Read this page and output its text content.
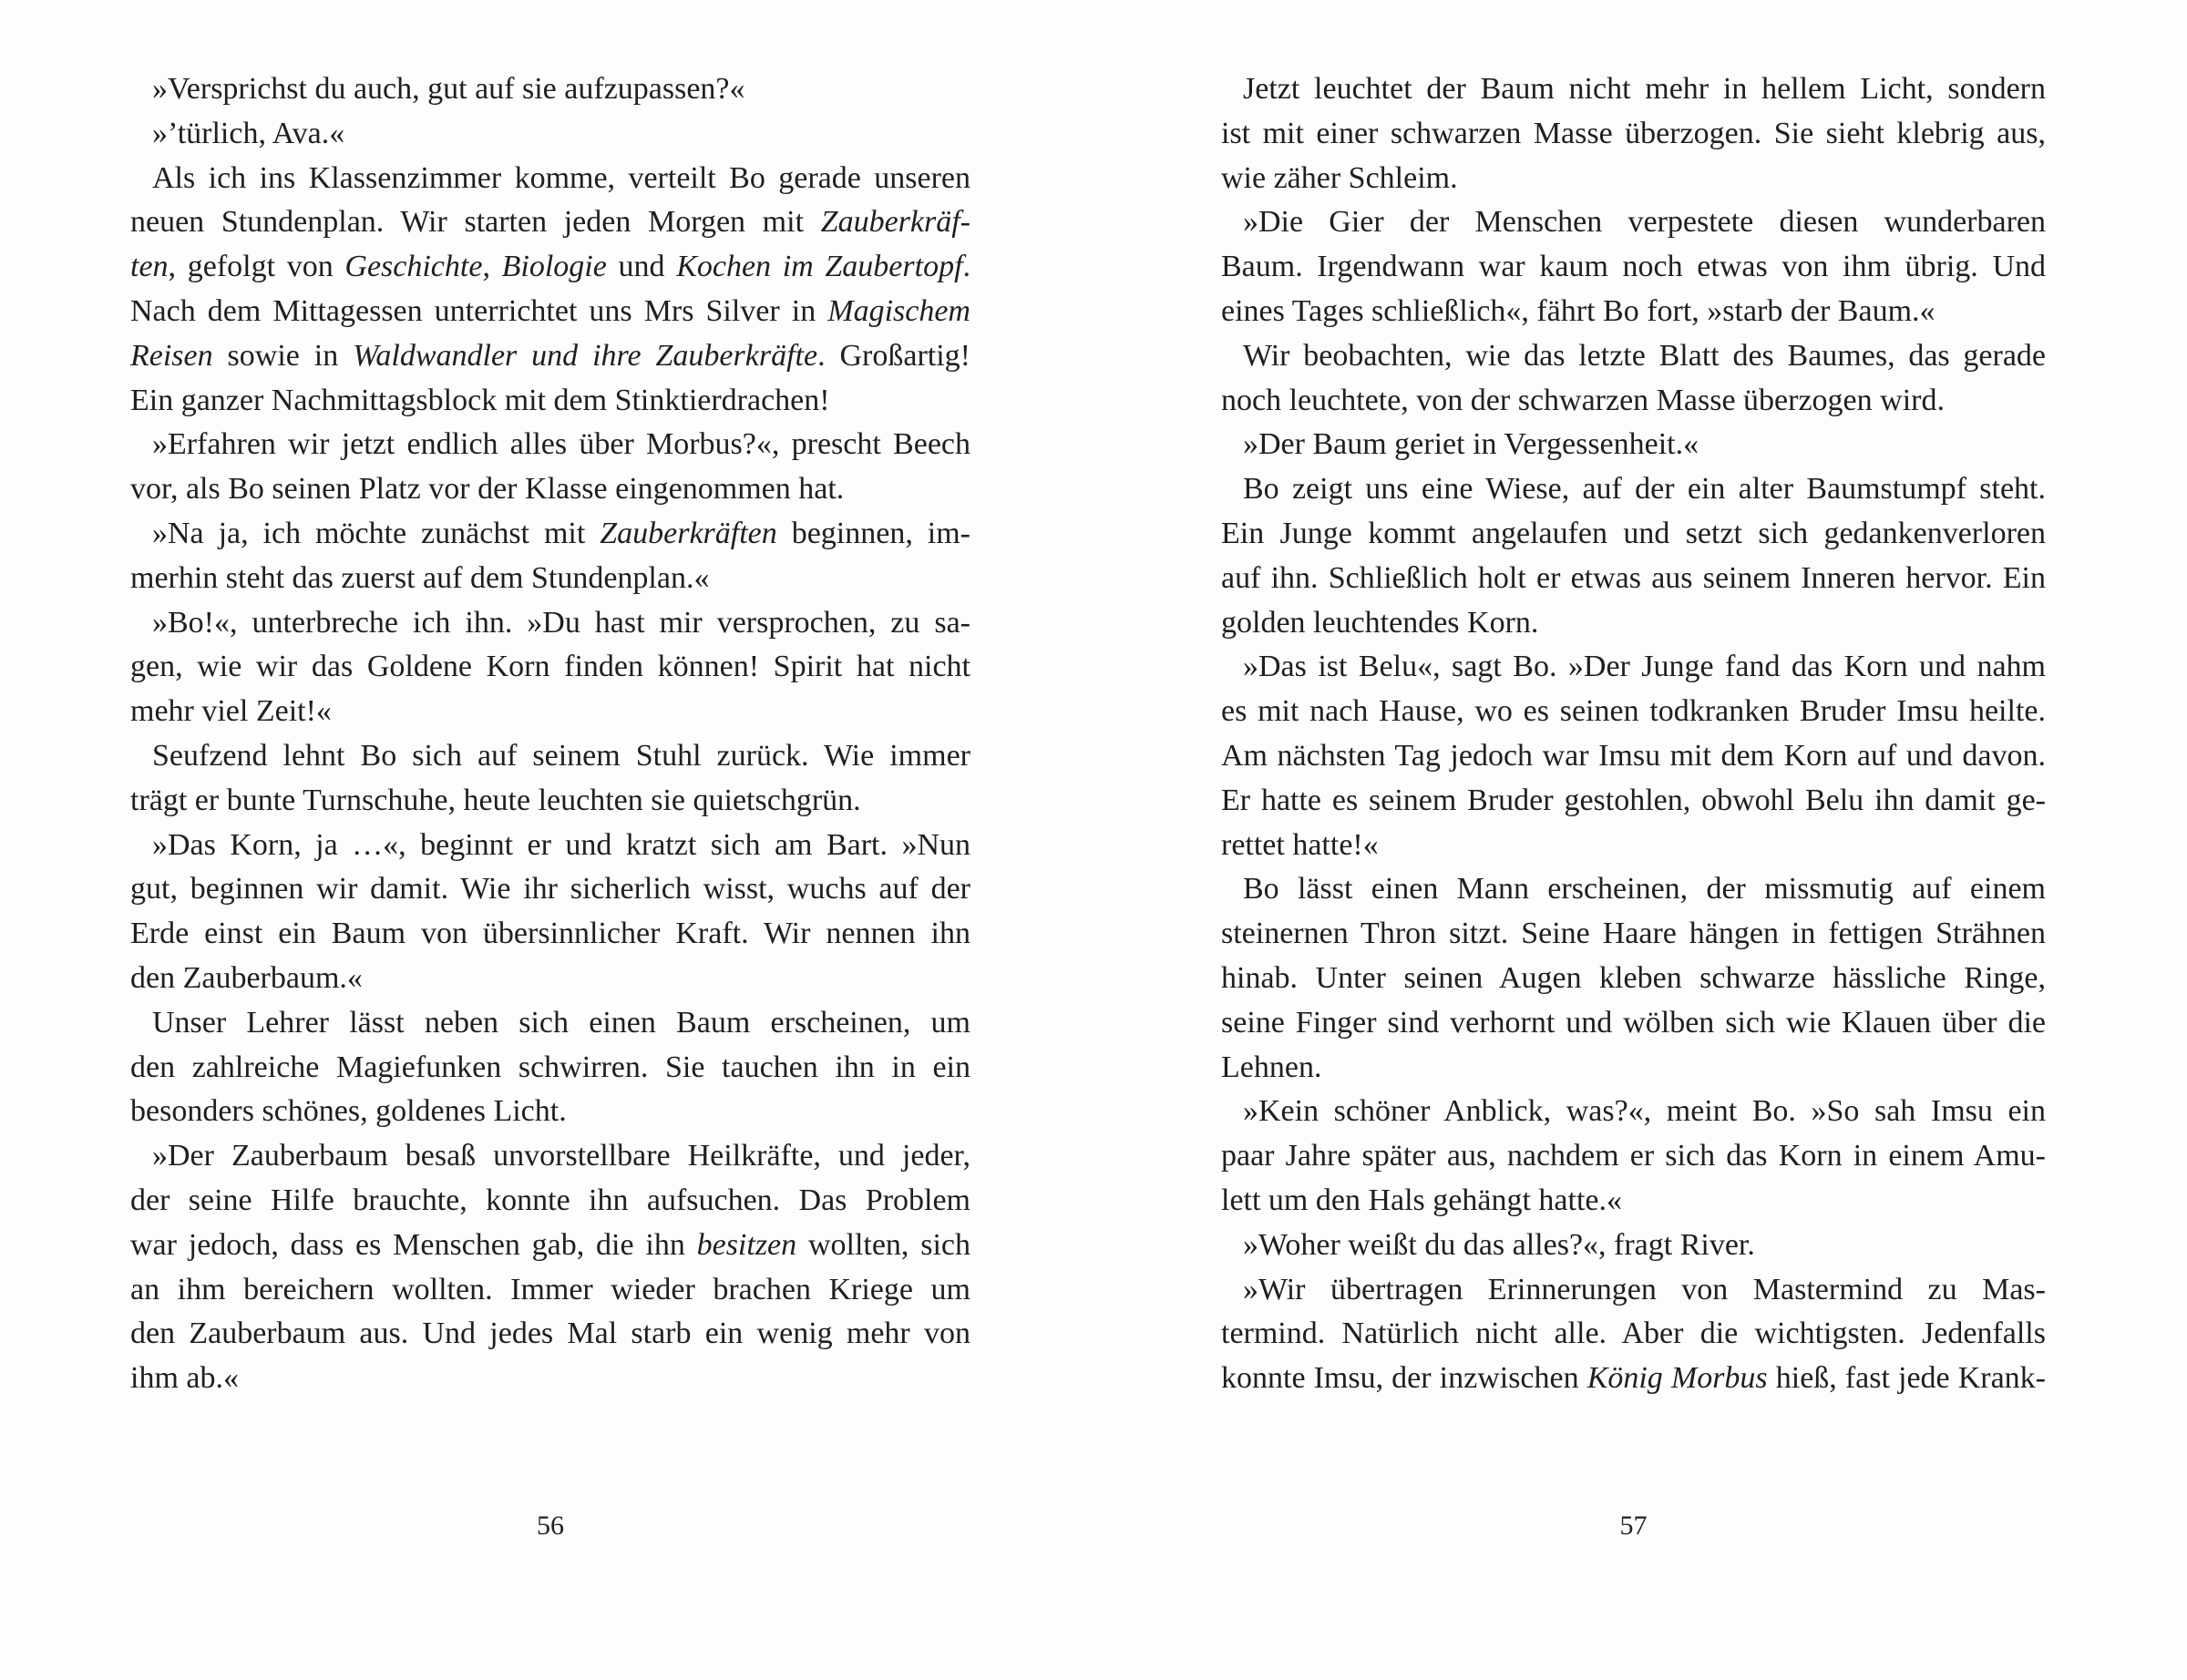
»Versprichst du auch, gut auf sie aufzupassen?«
»’türlich, Ava.«
Als ich ins Klassenzimmer komme, verteilt Bo gerade unseren
neuen Stundenplan. Wir starten jeden Morgen mit Zauberkräf-
ten, gefolgt von Geschichte, Biologie und Kochen im Zaubertopf.
Nach dem Mittagessen unterrichtet uns Mrs Silver in Magischem
Reisen sowie in Waldwandler und ihre Zauberkräfte. Großartig!
Ein ganzer Nachmittagsblock mit dem Stinktierdrachen!
»Erfahren wir jetzt endlich alles über Morbus?«, prescht Beech
vor, als Bo seinen Platz vor der Klasse eingenommen hat.
»Na ja, ich möchte zunächst mit Zauberkräften beginnen, im-
merhin steht das zuerst auf dem Stundenplan.«
»Bo!«, unterbreche ich ihn. »Du hast mir versprochen, zu sa-
gen, wie wir das Goldene Korn finden können! Spirit hat nicht
mehr viel Zeit!«
Seufzend lehnt Bo sich auf seinem Stuhl zurück. Wie immer
trägt er bunte Turnschuhe, heute leuchten sie quietschgrün.
»Das Korn, ja …«, beginnt er und kratzt sich am Bart. »Nun
gut, beginnen wir damit. Wie ihr sicherlich wisst, wuchs auf der
Erde einst ein Baum von übersinnlicher Kraft. Wir nennen ihn
den Zauberbaum.«
Unser Lehrer lässt neben sich einen Baum erscheinen, um
den zahlreiche Magiefunken schwirren. Sie tauchen ihn in ein
besonders schönes, goldenes Licht.
»Der Zauberbaum besaß unvorstellbare Heilkräfte, und jeder,
der seine Hilfe brauchte, konnte ihn aufsuchen. Das Problem
war jedoch, dass es Menschen gab, die ihn besitzen wollten, sich
an ihm bereichern wollten. Immer wieder brachen Kriege um
den Zauberbaum aus. Und jedes Mal starb ein wenig mehr von
ihm ab.«
Jetzt leuchtet der Baum nicht mehr in hellem Licht, sondern
ist mit einer schwarzen Masse überzogen. Sie sieht klebrig aus,
wie zäher Schleim.
»Die Gier der Menschen verpestete diesen wunderbaren
Baum. Irgendwann war kaum noch etwas von ihm übrig. Und
eines Tages schließlich«, fährt Bo fort, »starb der Baum.«
Wir beobachten, wie das letzte Blatt des Baumes, das gerade
noch leuchtete, von der schwarzen Masse überzogen wird.
»Der Baum geriet in Vergessenheit.«
Bo zeigt uns eine Wiese, auf der ein alter Baumstumpf steht.
Ein Junge kommt angelaufen und setzt sich gedankenverloren
auf ihn. Schließlich holt er etwas aus seinem Inneren hervor. Ein
golden leuchtendes Korn.
»Das ist Belu«, sagt Bo. »Der Junge fand das Korn und nahm
es mit nach Hause, wo es seinen todkranken Bruder Imsu heilte.
Am nächsten Tag jedoch war Imsu mit dem Korn auf und davon.
Er hatte es seinem Bruder gestohlen, obwohl Belu ihn damit ge-
rettet hatte!«
Bo lässt einen Mann erscheinen, der missmutig auf einem
steinernen Thron sitzt. Seine Haare hängen in fettigen Strähnen
hinab. Unter seinen Augen kleben schwarze hässliche Ringe,
seine Finger sind verhornt und wölben sich wie Klauen über die
Lehnen.
»Kein schöner Anblick, was?«, meint Bo. »So sah Imsu ein
paar Jahre später aus, nachdem er sich das Korn in einem Amu-
lett um den Hals gehängt hatte.«
»Woher weißt du das alles?«, fragt River.
»Wir übertragen Erinnerungen von Mastermind zu Mas-
termind. Natürlich nicht alle. Aber die wichtigsten. Jedenfalls
konnte Imsu, der inzwischen König Morbus hieß, fast jede Krank-
56	57
